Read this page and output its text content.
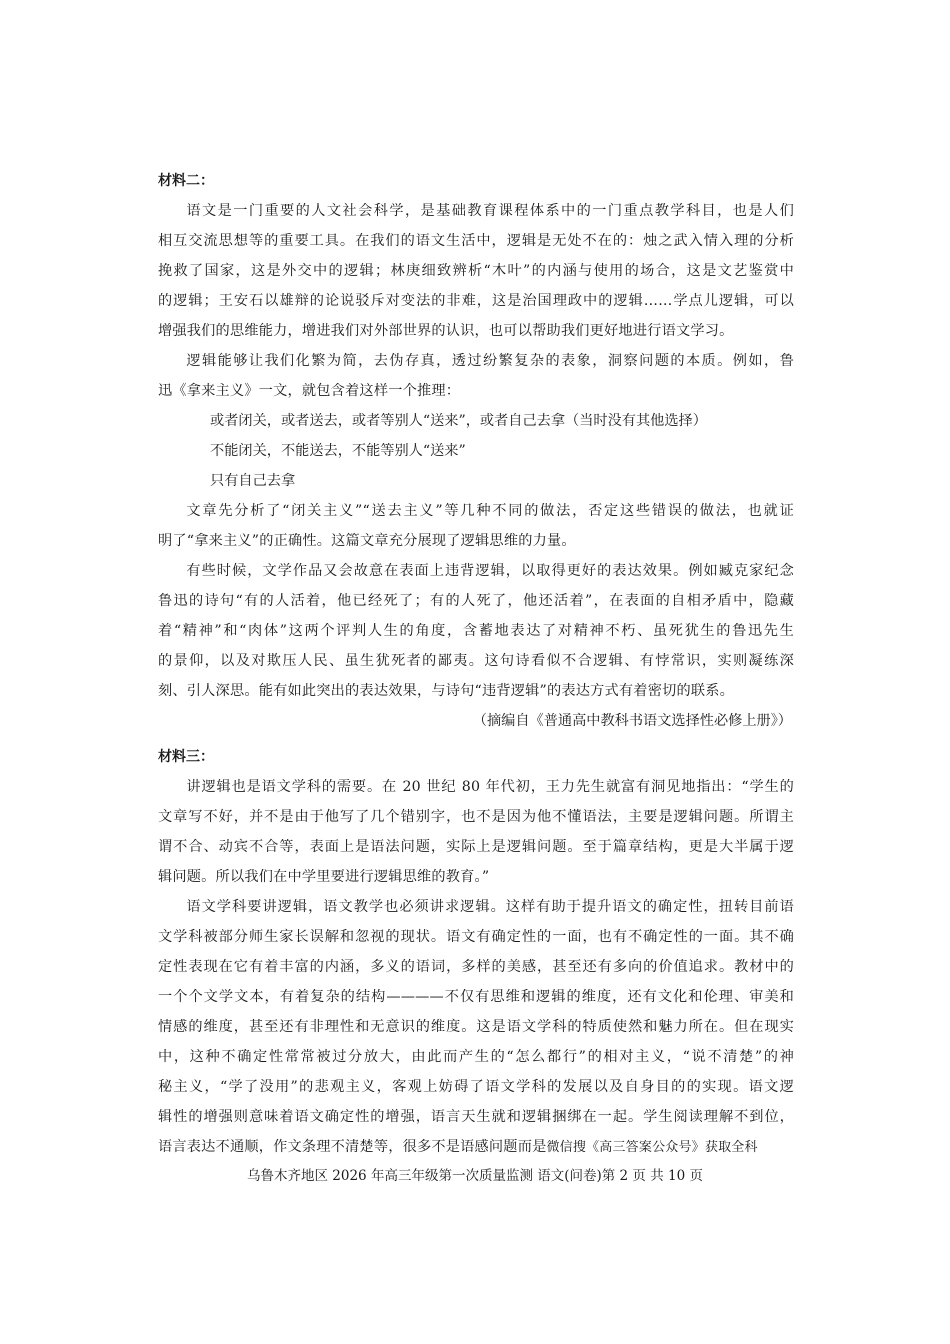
材料二：

语文是一门重要的人文社会科学，是基础教育课程体系中的一门重点教学科目，也是人们
相互交流思想等的重要工具。在我们的语文生活中，逻辑是无处不在的：烛之武入情入理的分析
挽救了国家，这是外交中的逻辑；林庚细致辨析“木叶”的内涵与使用的场合，这是文艺鉴赏中
的逻辑；王安石以雄辩的论说驳斥对变法的非难，这是治国理政中的逻辑……学点儿逻辑，可以
增强我们的思维能力，增进我们对外部世界的认识，也可以帮助我们更好地进行语文学习。
逻辑能够让我们化繁为简，去伪存真，透过纷繁复杂的表象，洞察问题的本质。例如，鲁
迅《拿来主义》一文，就包含着这样一个推理：

或者闭关，或者送去，或者等别人“送来”，或者自己去拿（当时没有其他选择）

不能闭关，不能送去，不能等别人“送来”

只有自己去拿

文章先分析了“闭关主义”“送去主义”等几种不同的做法，否定这些错误的做法，也就证
明了“拿来主义”的正确性。这篇文章充分展现了逻辑思维的力量。
有些时候，文学作品又会故意在表面上违背逻辑，以取得更好的表达效果。例如臧克家纪念
鲁迅的诗句“有的人活着，他已经死了；有的人死了，他还活着”，在表面的自相矛盾中，隐藏
着“精神”和“肉体”这两个评判人生的角度，含蓄地表达了对精神不朽、虽死犹生的鲁迅先生
的景仰，以及对欺压人民、虽生犹死者的鄙夷。这句诗看似不合逻辑、有悖常识，实则凝练深
刻、引人深思。能有如此突出的表达效果，与诗句“违背逻辑”的表达方式有着密切的联系。

（摘编自《普通高中教科书语文选择性必修上册》）

材料三：

讲逻辑也是语文学科的需要。在 20 世纪 80 年代初，王力先生就富有洞见地指出：“学生的
文章写不好，并不是由于他写了几个错别字，也不是因为他不懂语法，主要是逻辑问题。所谓主
谓不合、动宾不合等，表面上是语法问题，实际上是逻辑问题。至于篇章结构，更是大半属于逻
辑问题。所以我们在中学里要进行逻辑思维的教育。”
语文学科要讲逻辑，语文教学也必须讲求逻辑。这样有助于提升语文的确定性，扭转目前语
文学科被部分师生家长误解和忽视的现状。语文有确定性的一面，也有不确定性的一面。其不确
定性表现在它有着丰富的内涵，多义的语词，多样的美感，甚至还有多向的价值追求。教材中的
一个个文学文本，有着复杂的结构————不仅有思维和逻辑的维度，还有文化和伦理、审美和
情感的维度，甚至还有非理性和无意识的维度。这是语文学科的特质使然和魅力所在。但在现实
中，这种不确定性常常被过分放大，由此而产生的“怎么都行”的相对主义，“说不清楚”的神
秘主义，“学了没用”的悲观主义，客观上妨碍了语文学科的发展以及自身目的的实现。语文逻
辑性的增强则意味着语文确定性的增强，语言天生就和逻辑捆绑在一起。学生阅读理解不到位，
语言表达不通顺，作文条理不清楚等，很多不是语感问题而是微信搜《高三答案公众号》获取全科
乌鲁木齐地区 2026 年高三年级第一次质量监测 语文(问卷)第 2 页 共 10 页
